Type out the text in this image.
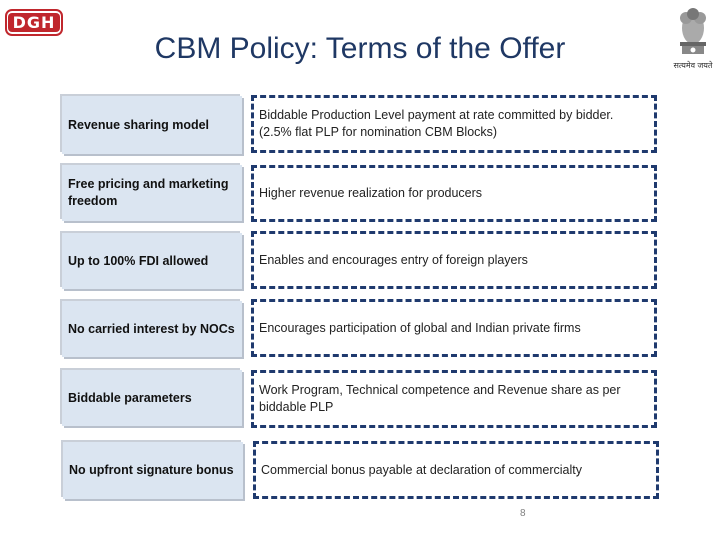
DGH
CBM Policy: Terms of the Offer
सत्यमेव जयते
Revenue sharing model
Biddable Production Level payment at rate committed by bidder. (2.5% flat PLP for nomination CBM Blocks)
Free pricing and marketing freedom
Higher revenue realization for producers
Up to 100% FDI allowed	Enables and encourages entry of foreign players
No carried interest by NOCs Encourages participation of global and Indian private firms
Biddable parameters
Work Program, Technical competence and Revenue share as per biddable PLP
No upfront signature bonus Commercial bonus payable at declaration of commercialty
8
